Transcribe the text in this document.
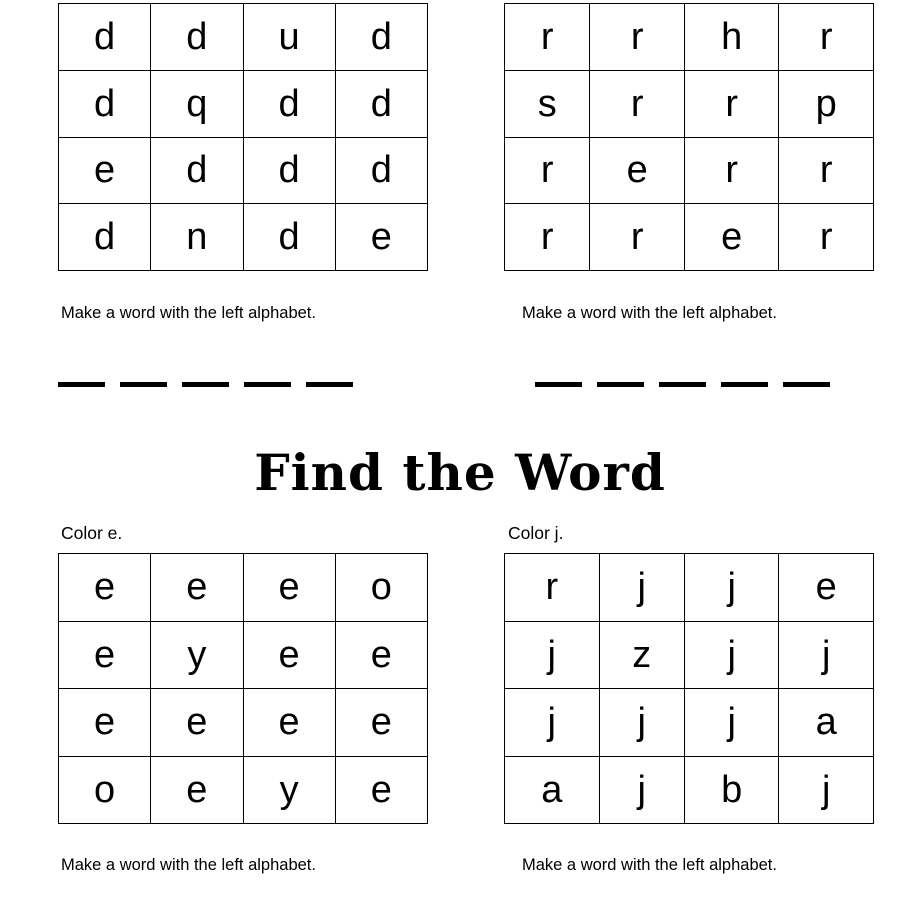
d	d	u	d
d	q	d	d
e	d	d	d
d	n	d	e
r	r	h	r
s	r	r	p
r	e	r	r
r	r	e	r
Make a word with the left alphabet.	Make a word with the left alphabet.
Find the Word
Color e.	Color j.
e	e	e	o
e	y	e	e
e	e	e	e
o	e	y	e
r	j	j	e
j	z	j	j
j	j	j	a
a	j	b	j
Make a word with the left alphabet.	Make a word with the left alphabet.
